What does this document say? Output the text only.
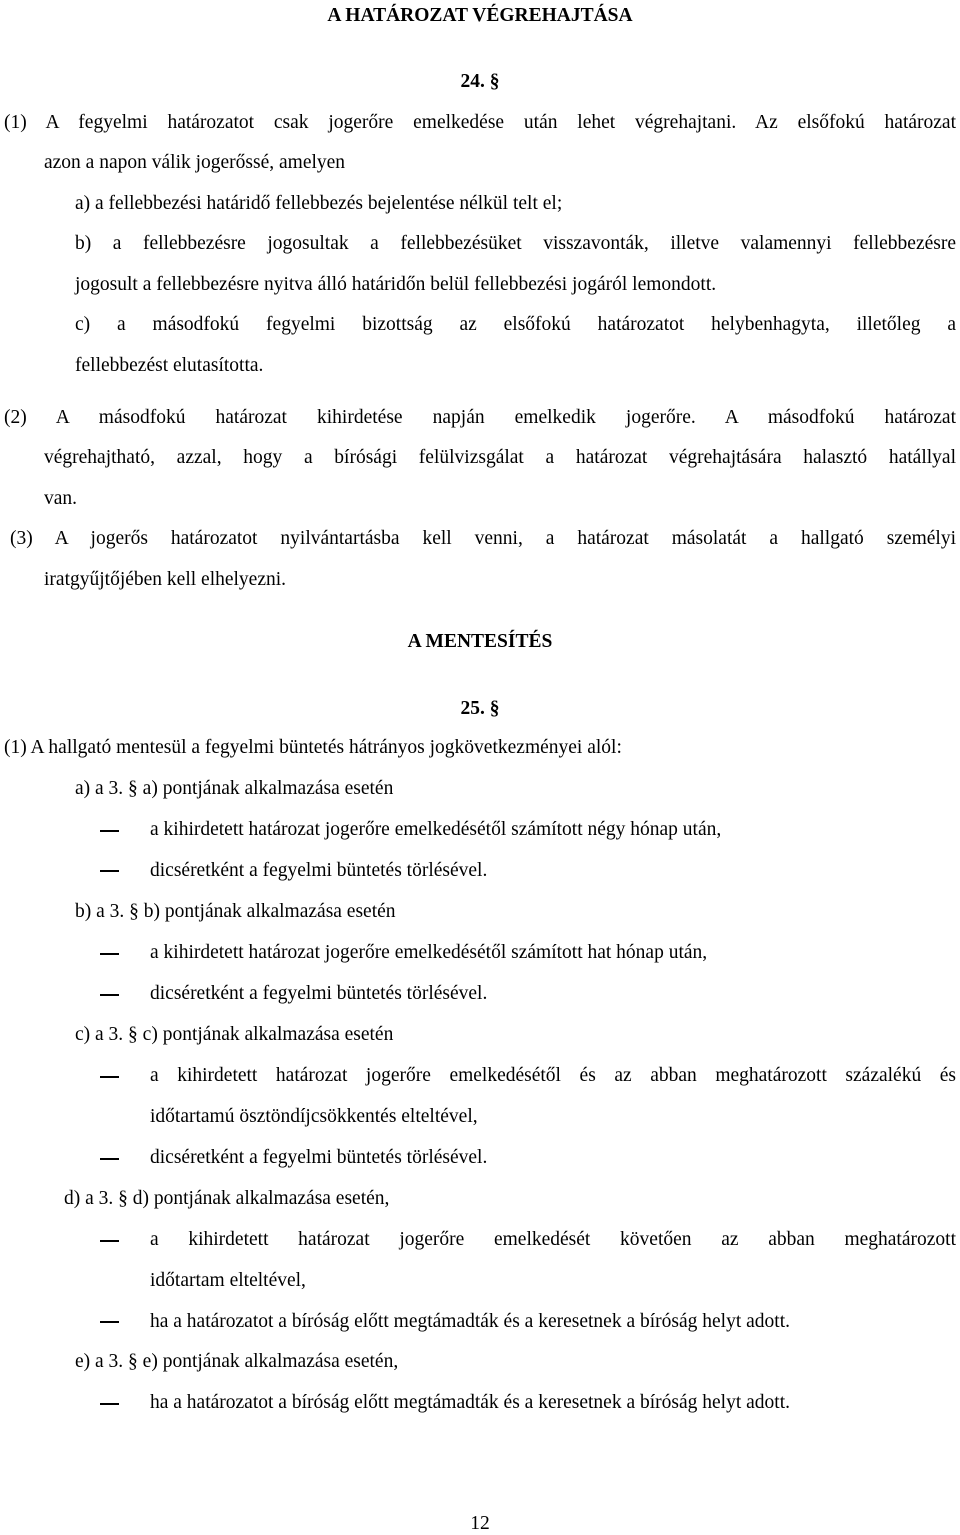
A HATÁROZAT VÉGREHAJTÁSA
24. §
(1) A fegyelmi határozatot csak jogerőre emelkedése után lehet végrehajtani. Az elsőfokú határozat
azon a napon válik jogerőssé, amelyen
a) a fellebbezési határidő fellebbezés bejelentése nélkül telt el;
b) a fellebbezésre jogosultak a fellebbezésüket visszavonták, illetve valamennyi fellebbezésre
jogosult a fellebbezésre nyitva álló határidőn belül fellebbezési jogáról lemondott.
c) a másodfokú fegyelmi bizottság az elsőfokú határozatot helybenhagyta, illetőleg a
fellebbezést elutasította.
(2) A másodfokú határozat kihirdetése napján emelkedik jogerőre. A másodfokú határozat
végrehajtható, azzal, hogy a bírósági felülvizsgálat a határozat végrehajtására halasztó hatállyal
van.
(3) A jogerős határozatot nyilvántartásba kell venni, a határozat másolatát a hallgató személyi
iratgyűjtőjében kell elhelyezni.
A MENTESÍTÉS
25. §
(1) A hallgató mentesül a fegyelmi büntetés hátrányos jogkövetkezményei alól:
a) a 3. § a) pontjának alkalmazása esetén
a kihirdetett határozat jogerőre emelkedésétől számított négy hónap után,
dicséretként a fegyelmi büntetés törlésével.
b) a 3. § b) pontjának alkalmazása esetén
a kihirdetett határozat jogerőre emelkedésétől számított hat hónap után,
dicséretként a fegyelmi büntetés törlésével.
c) a 3. § c) pontjának alkalmazása esetén
a kihirdetett határozat jogerőre emelkedésétől és az abban meghatározott százalékú és
időtartamú ösztöndíjcsökkentés elteltével,
dicséretként a fegyelmi büntetés törlésével.
d) a 3. § d) pontjának alkalmazása esetén,
a kihirdetett határozat jogerőre emelkedését követően az abban meghatározott
időtartam elteltével,
ha a határozatot a bíróság előtt megtámadták és a keresetnek a bíróság helyt adott.
e) a 3. § e) pontjának alkalmazása esetén,
ha a határozatot a bíróság előtt megtámadták és a keresetnek a bíróság helyt adott.
12
